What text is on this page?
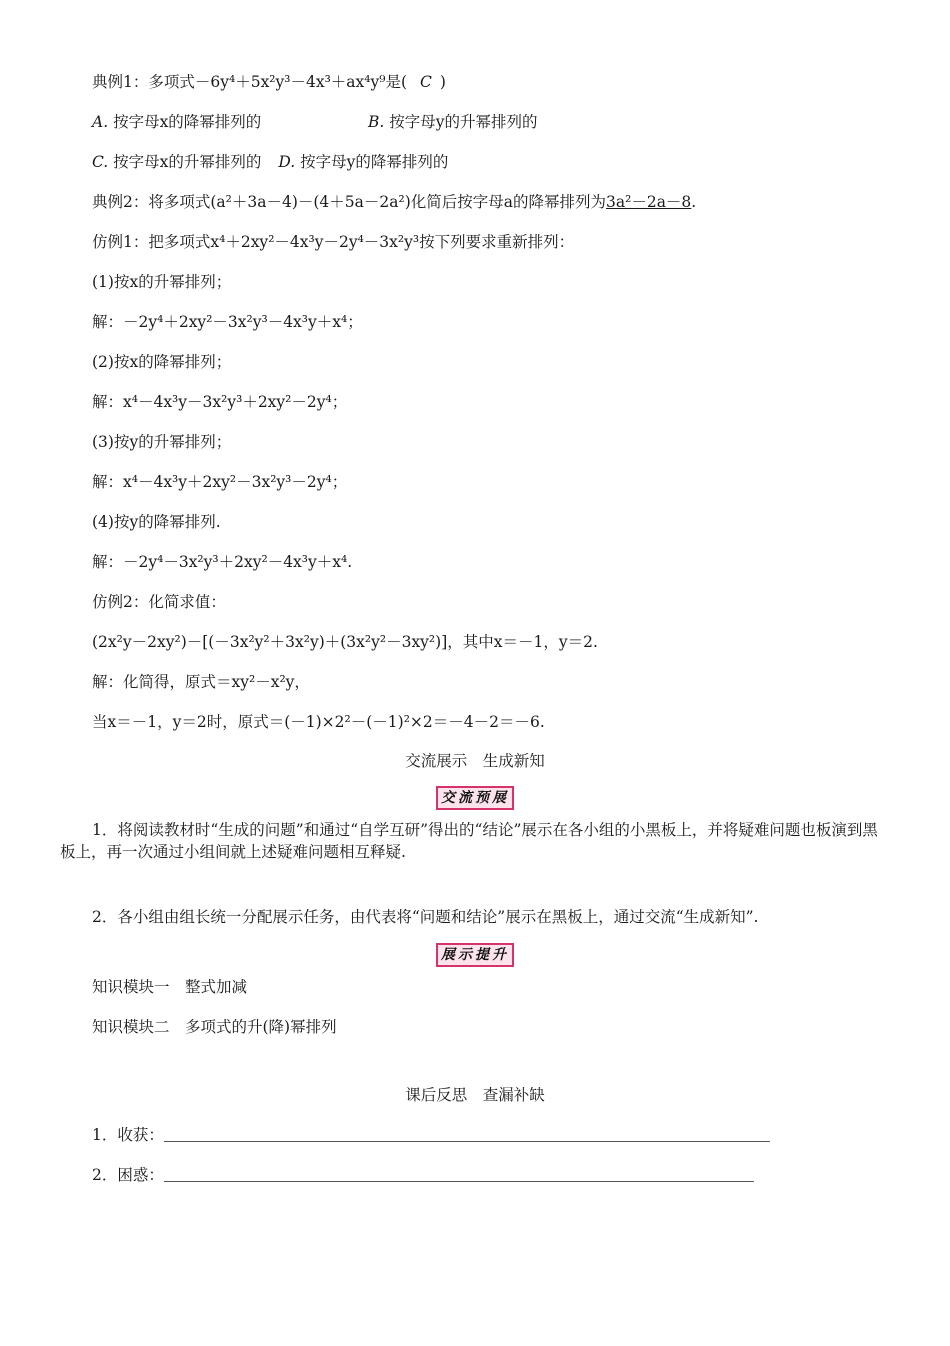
典例1：多项式－6y⁴＋5x²y³－4x³＋ax⁴y⁹是( C )
A. 按字母x的降幂排列的	B. 按字母y的升幂排列的
C. 按字母x的升幂排列的 D. 按字母y的降幂排列的
典例2：将多项式(a²＋3a－4)－(4＋5a－2a²)化简后按字母a的降幂排列为3a²－2a－8.
仿例1：把多项式x⁴＋2xy²－4x³y－2y⁴－3x²y³按下列要求重新排列：
(1)按x的升幂排列；
解：－2y⁴＋2xy²－3x²y³－4x³y＋x⁴；
(2)按x的降幂排列；
解：x⁴－4x³y－3x²y³＋2xy²－2y⁴；
(3)按y的升幂排列；
解：x⁴－4x³y＋2xy²－3x²y³－2y⁴；
(4)按y的降幂排列.
解：－2y⁴－3x²y³＋2xy²－4x³y＋x⁴.
仿例2：化简求值：
(2x²y－2xy²)－[(－3x²y²＋3x²y)＋(3x²y²－3xy²)]，其中x＝－1，y＝2.
解：化简得，原式＝xy²－x²y，
当x＝－1，y＝2时，原式＝(－1)×2²－(－1)²×2＝－4－2＝－6.
交流展示　生成新知
交流预展
1．将阅读教材时“生成的问题”和通过“自学互研”得出的“结论”展示在各小组的小黑板上，并将疑难问题也板演到黑板上，再一次通过小组间就上述疑难问题相互释疑.
2．各小组由组长统一分配展示任务，由代表将“问题和结论”展示在黑板上，通过交流“生成新知”.
展示提升
知识模块一　整式加减
知识模块二　多项式的升(降)幂排列
课后反思　查漏补缺
1．收获：
2．困惑：
